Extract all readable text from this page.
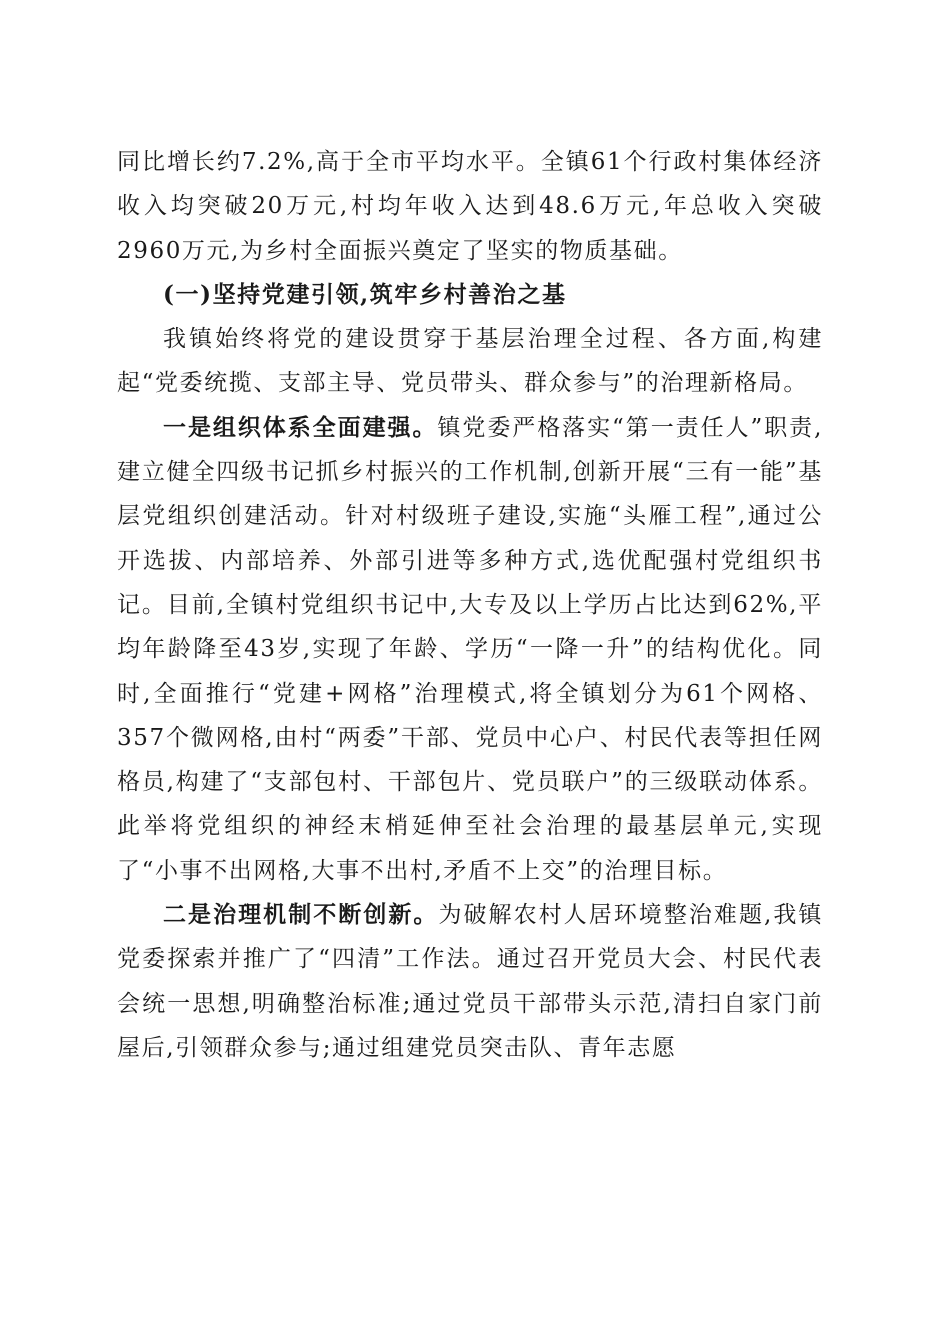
同比增长约7.2%,高于全市平均水平。全镇61个行政村集体经济收入均突破20万元,村均年收入达到48.6万元,年总收入突破2960万元,为乡村全面振兴奠定了坚实的物质基础。

(一)坚持党建引领,筑牢乡村善治之基

我镇始终将党的建设贯穿于基层治理全过程、各方面,构建起“党委统揽、支部主导、党员带头、群众参与”的治理新格局。

一是组织体系全面建强。镇党委严格落实“第一责任人”职责,建立健全四级书记抓乡村振兴的工作机制,创新开展“三有一能”基层党组织创建活动。针对村级班子建设,实施“头雁工程”,通过公开选拔、内部培养、外部引进等多种方式,选优配强村党组织书记。目前,全镇村党组织书记中,大专及以上学历占比达到62%,平均年龄降至43岁,实现了年龄、学历“一降一升”的结构优化。同时,全面推行“党建+网格”治理模式,将全镇划分为61个网格、357个微网格,由村“两委”干部、党员中心户、村民代表等担任网格员,构建了“支部包村、干部包片、党员联户”的三级联动体系。此举将党组织的神经末梢延伸至社会治理的最基层单元,实现了“小事不出网格,大事不出村,矛盾不上交”的治理目标。

二是治理机制不断创新。为破解农村人居环境整治难题,我镇党委探索并推广了“四清”工作法。通过召开党员大会、村民代表会统一思想,明确整治标准;通过党员干部带头示范,清扫自家门前屋后,引领群众参与;通过组建党员突击队、青年志愿
